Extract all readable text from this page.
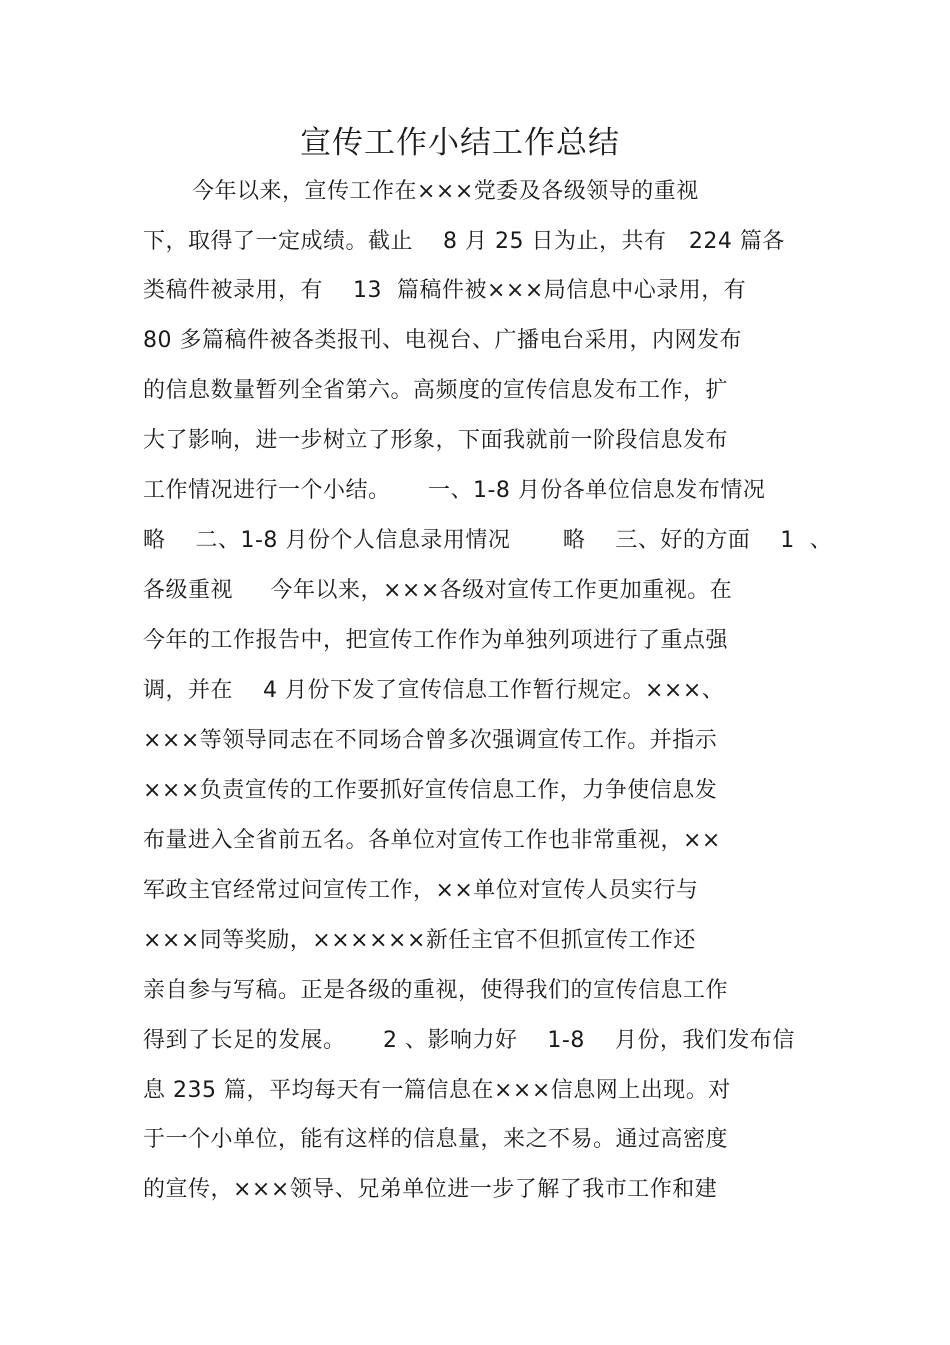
宣传工作小结工作总结
今年以来，宣传工作在×××党委及各级领导的重视
下，取得了一定成绩。截止    8 月 25 日为止，共有   224 篇各
类稿件被录用，有    13  篇稿件被×××局信息中心录用，有
80 多篇稿件被各类报刊、电视台、广播电台采用，内网发布
的信息数量暂列全省第六。高频度的宣传信息发布工作，扩
大了影响，进一步树立了形象，下面我就前一阶段信息发布
工作情况进行一个小结。     一、1-8 月份各单位信息发布情况
略    二、1-8 月份个人信息录用情况       略    三、好的方面    1  、
各级重视     今年以来，×××各级对宣传工作更加重视。在
今年的工作报告中，把宣传工作作为单独列项进行了重点强
调，并在    4 月份下发了宣传信息工作暂行规定。×××、
×××等领导同志在不同场合曾多次强调宣传工作。并指示
×××负责宣传的工作要抓好宣传信息工作，力争使信息发
布量进入全省前五名。各单位对宣传工作也非常重视，××
军政主官经常过问宣传工作，××单位对宣传人员实行与
×××同等奖励，××××××新任主官不但抓宣传工作还
亲自参与写稿。正是各级的重视，使得我们的宣传信息工作
得到了长足的发展。     2 、影响力好    1-8    月份，我们发布信
息 235 篇，平均每天有一篇信息在×××信息网上出现。对
于一个小单位，能有这样的信息量，来之不易。通过高密度
的宣传，×××领导、兄弟单位进一步了解了我市工作和建
